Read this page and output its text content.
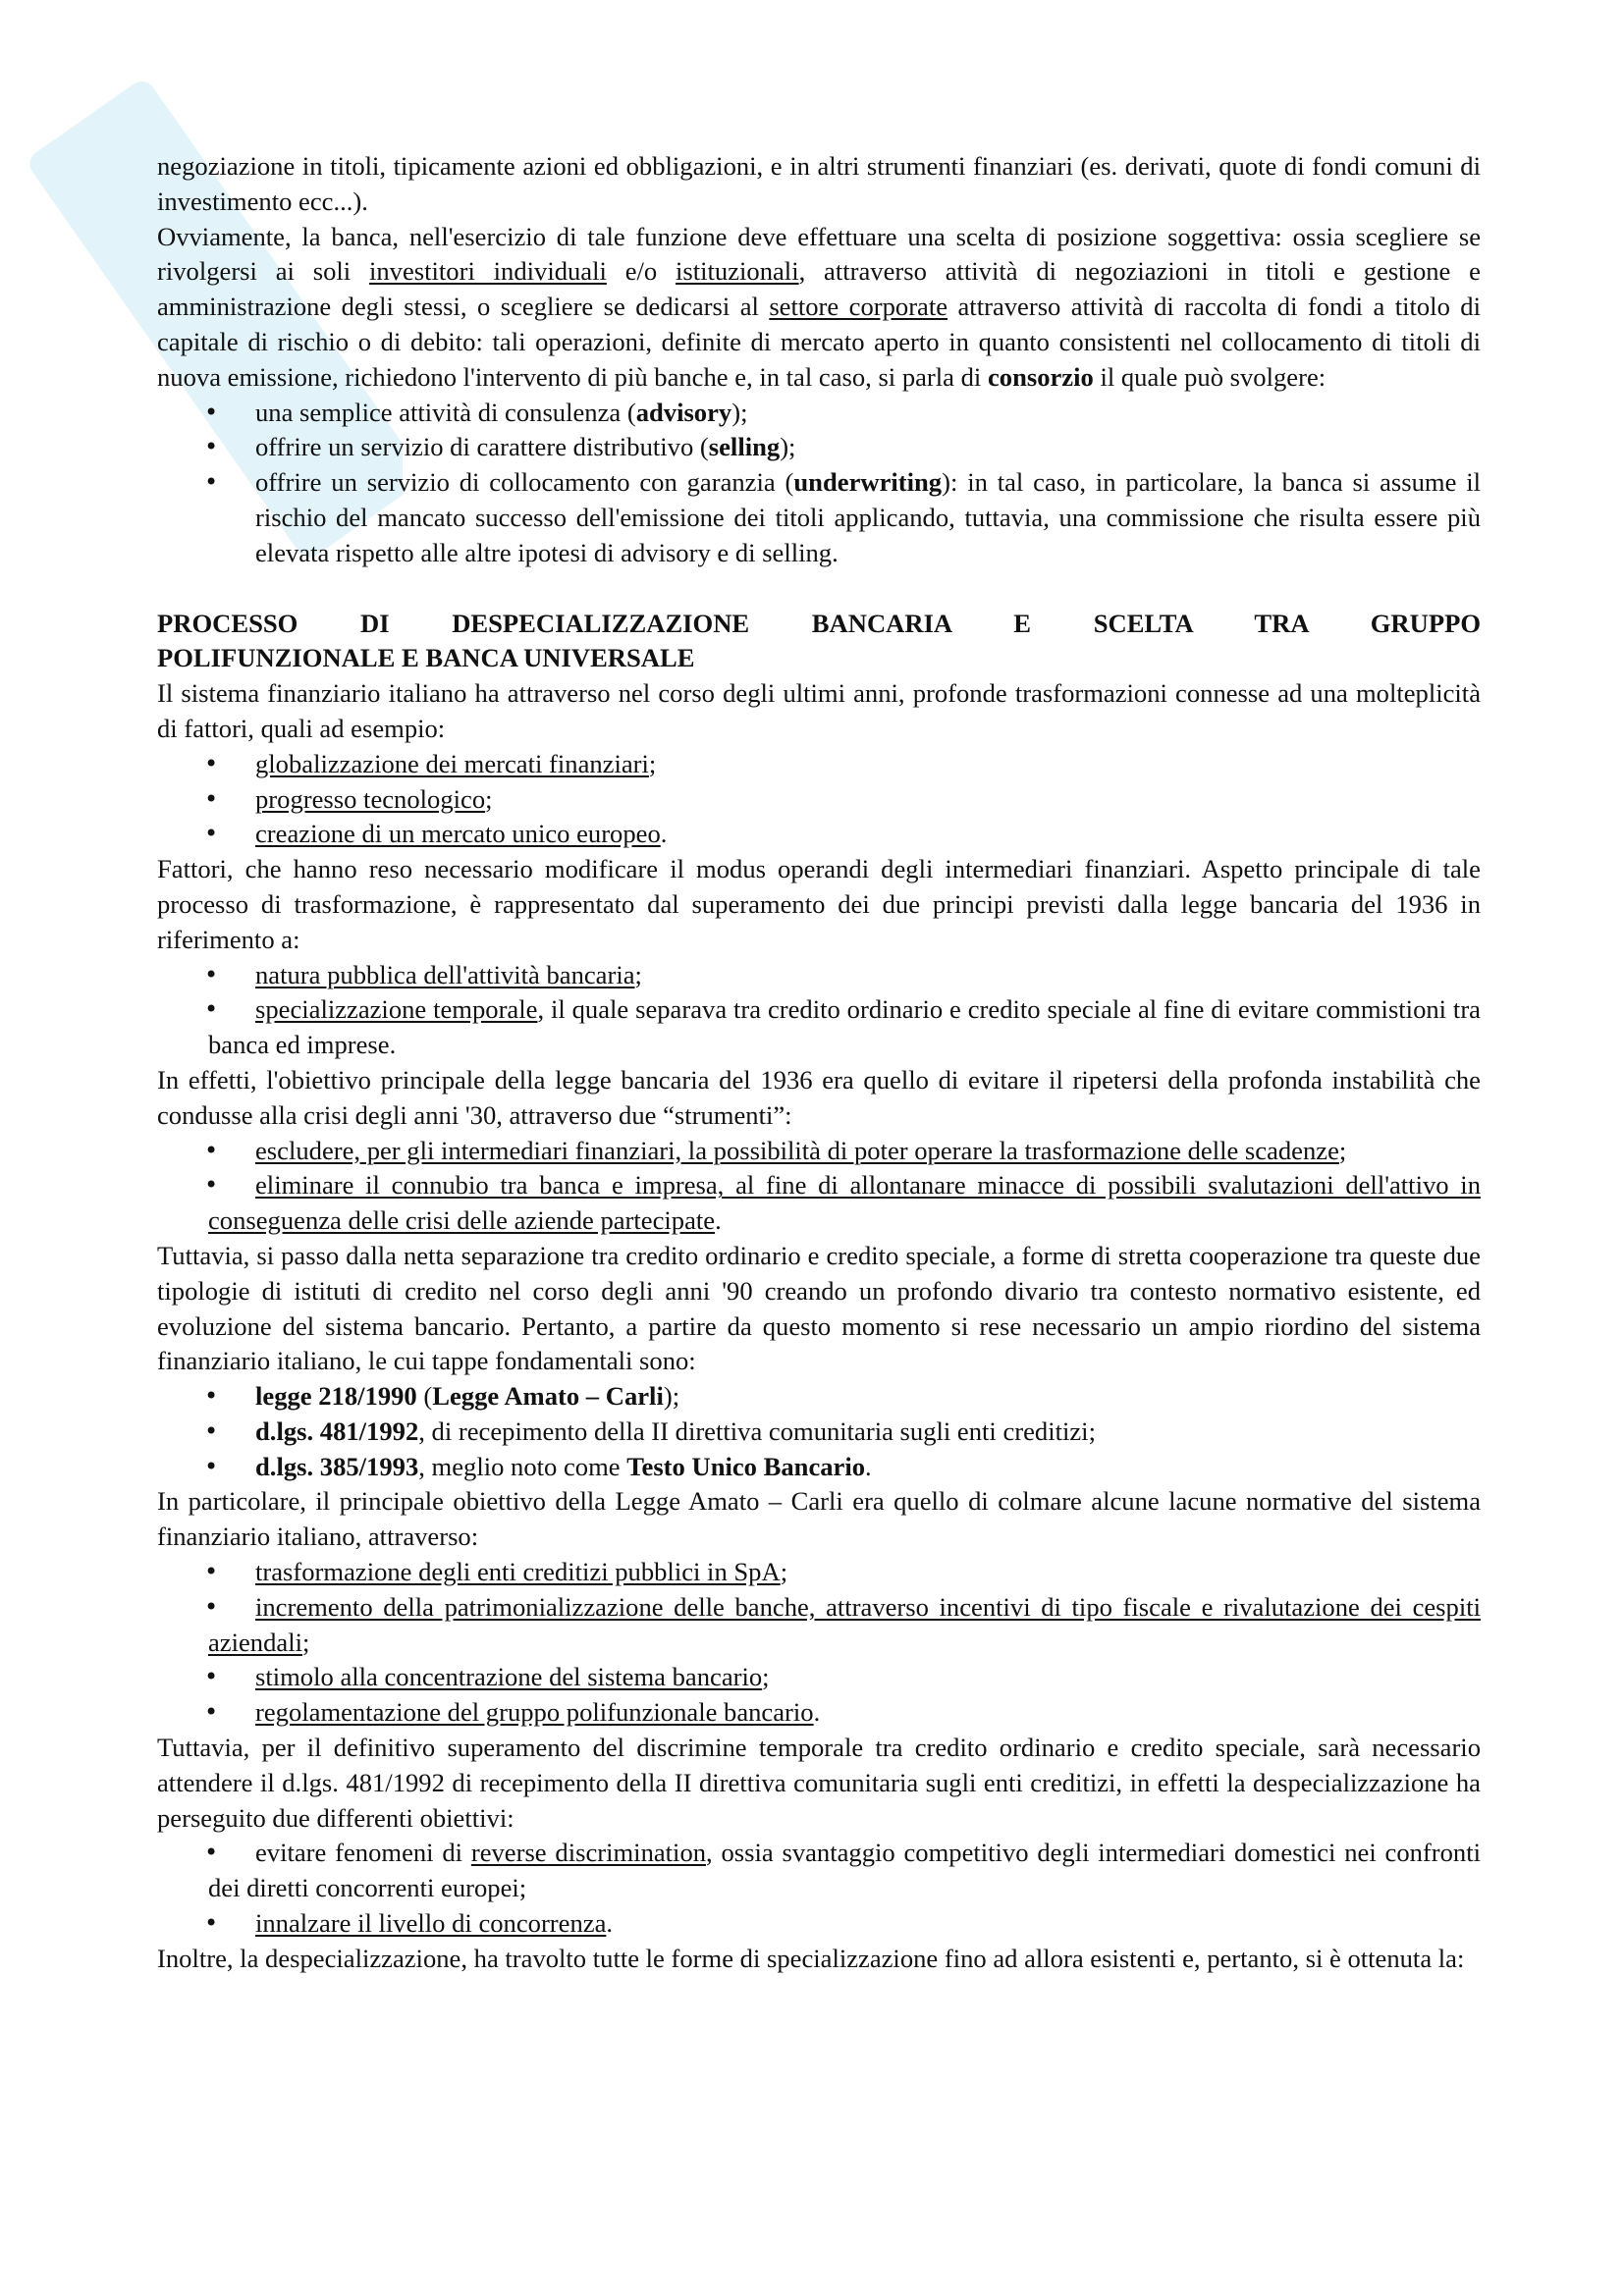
negoziazione in titoli, tipicamente azioni ed obbligazioni, e in altri strumenti finanziari (es. derivati, quote di fondi comuni di investimento ecc...).

Ovviamente, la banca, nell'esercizio di tale funzione deve effettuare una scelta di posizione soggettiva: ossia scegliere se rivolgersi ai soli investitori individuali e/o istituzionali, attraverso attività di negoziazioni in titoli e gestione e amministrazione degli stessi, o scegliere se dedicarsi al settore corporate attraverso attività di raccolta di fondi a titolo di capitale di rischio o di debito: tali operazioni, definite di mercato aperto in quanto consistenti nel collocamento di titoli di nuova emissione, richiedono l'intervento di più banche e, in tal caso, si parla di consorzio il quale può svolgere:

• una semplice attività di consulenza (advisory);
• offrire un servizio di carattere distributivo (selling);
• offrire un servizio di collocamento con garanzia (underwriting): in tal caso, in particolare, la banca si assume il rischio del mancato successo dell'emissione dei titoli applicando, tuttavia, una commissione che risulta essere più elevata rispetto alle altre ipotesi di advisory e di selling.
PROCESSO DI DESPECIALIZZAZIONE BANCARIA E SCELTA TRA GRUPPO
POLIFUNZIONALE E BANCA UNIVERSALE

Il sistema finanziario italiano ha attraverso nel corso degli ultimi anni, profonde trasformazioni connesse ad una molteplicità di fattori, quali ad esempio:

• globalizzazione dei mercati finanziari;
• progresso tecnologico;
• creazione di un mercato unico europeo.

Fattori, che hanno reso necessario modificare il modus operandi degli intermediari finanziari. Aspetto principale di tale processo di trasformazione, è rappresentato dal superamento dei due principi previsti dalla legge bancaria del 1936 in riferimento a:

• natura pubblica dell'attività bancaria;
• specializzazione temporale, il quale separava tra credito ordinario e credito speciale al fine di evitare commistioni tra banca ed imprese.

In effetti, l'obiettivo principale della legge bancaria del 1936 era quello di evitare il ripetersi della profonda instabilità che condusse alla crisi degli anni '30, attraverso due “strumenti”:

• escludere, per gli intermediari finanziari, la possibilità di poter operare la trasformazione delle scadenze;
• eliminare il connubio tra banca e impresa, al fine di allontanare minacce di possibili svalutazioni dell'attivo in conseguenza delle crisi delle aziende partecipate.

Tuttavia, si passo dalla netta separazione tra credito ordinario e credito speciale, a forme di stretta cooperazione tra queste due tipologie di istituti di credito nel corso degli anni '90 creando un profondo divario tra contesto normativo esistente, ed evoluzione del sistema bancario. Pertanto, a partire da questo momento si rese necessario un ampio riordino del sistema finanziario italiano, le cui tappe fondamentali sono:

• legge 218/1990 (Legge Amato – Carli);
• d.lgs. 481/1992, di recepimento della II direttiva comunitaria sugli enti creditizi;
• d.lgs. 385/1993, meglio noto come Testo Unico Bancario.

In particolare, il principale obiettivo della Legge Amato – Carli era quello di colmare alcune lacune normative del sistema finanziario italiano, attraverso:

• trasformazione degli enti creditizi pubblici in SpA;
• incremento della patrimonializzazione delle banche, attraverso incentivi di tipo fiscale e rivalutazione dei cespiti aziendali;
• stimolo alla concentrazione del sistema bancario;
• regolamentazione del gruppo polifunzionale bancario.

Tuttavia, per il definitivo superamento del discrimine temporale tra credito ordinario e credito speciale, sarà necessario attendere il d.lgs. 481/1992 di recepimento della II direttiva comunitaria sugli enti creditizi, in effetti la despecializzazione ha perseguito due differenti obiettivi:

• evitare fenomeni di reverse discrimination, ossia svantaggio competitivo degli intermediari domestici nei confronti dei diretti concorrenti europei;
• innalzare il livello di concorrenza.

Inoltre, la despecializzazione, ha travolto tutte le forme di specializzazione fino ad allora esistenti e, pertanto, si è ottenuta la:
